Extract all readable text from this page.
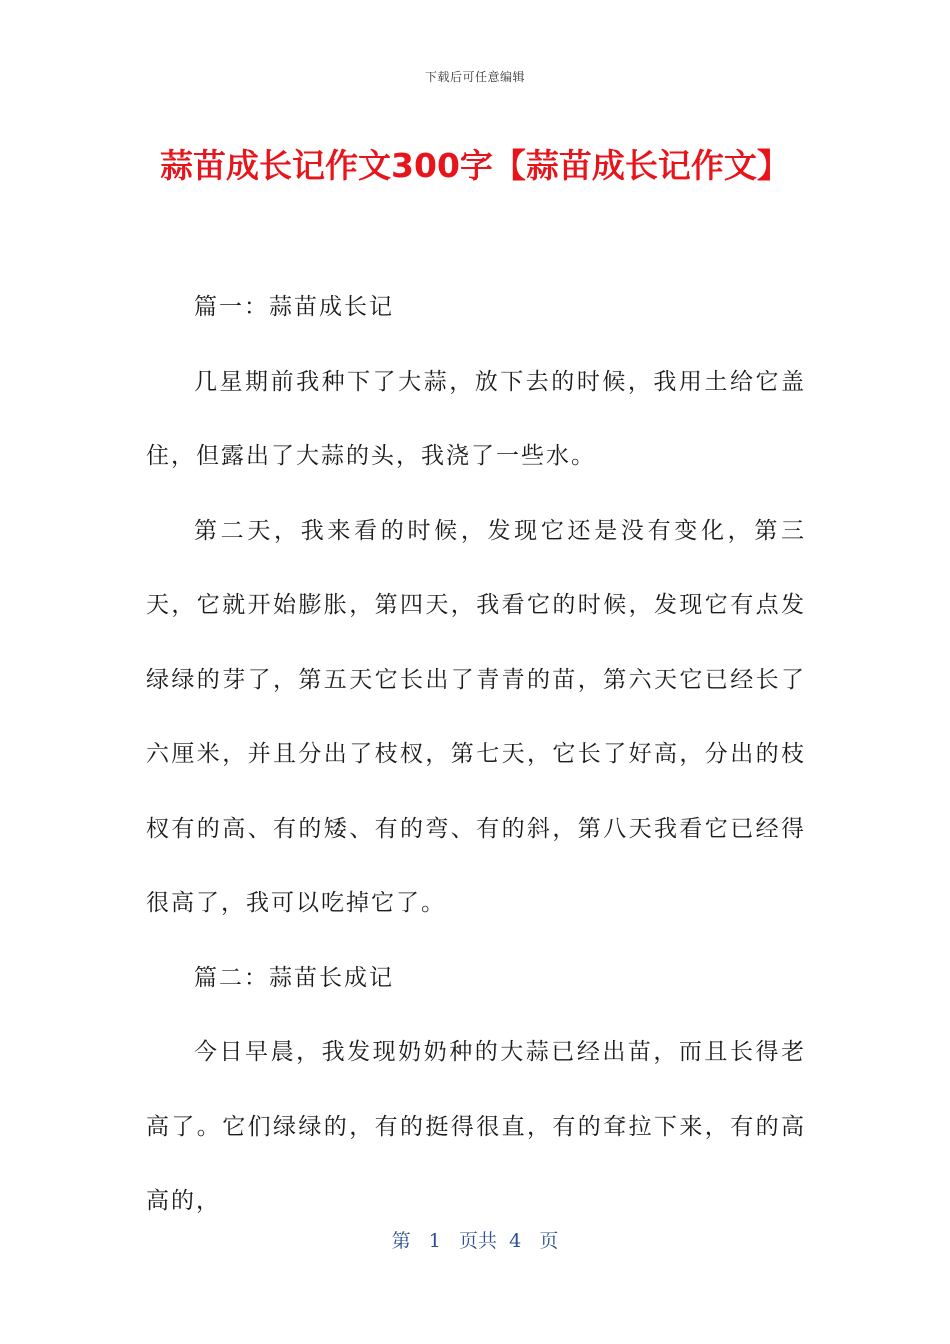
下载后可任意编辑
蒜苗成长记作文300字【蒜苗成长记作文】

篇一：蒜苗成长记

几星期前我种下了大蒜，放下去的时候，我用土给它盖住，但露出了大蒜的头，我浇了一些水。

第二天，我来看的时候，发现它还是没有变化，第三天，它就开始膨胀，第四天，我看它的时候，发现它有点发绿绿的芽了，第五天它长出了青青的苗，第六天它已经长了六厘米，并且分出了枝杈，第七天，它长了好高，分出的枝杈有的高、有的矮、有的弯、有的斜，第八天我看它已经得很高了，我可以吃掉它了。

篇二：蒜苗长成记

今日早晨，我发现奶奶种的大蒜已经出苗，而且长得老高了。它们绿绿的，有的挺得很直，有的耷拉下来，有的高高的，

第 1 页共 4 页
